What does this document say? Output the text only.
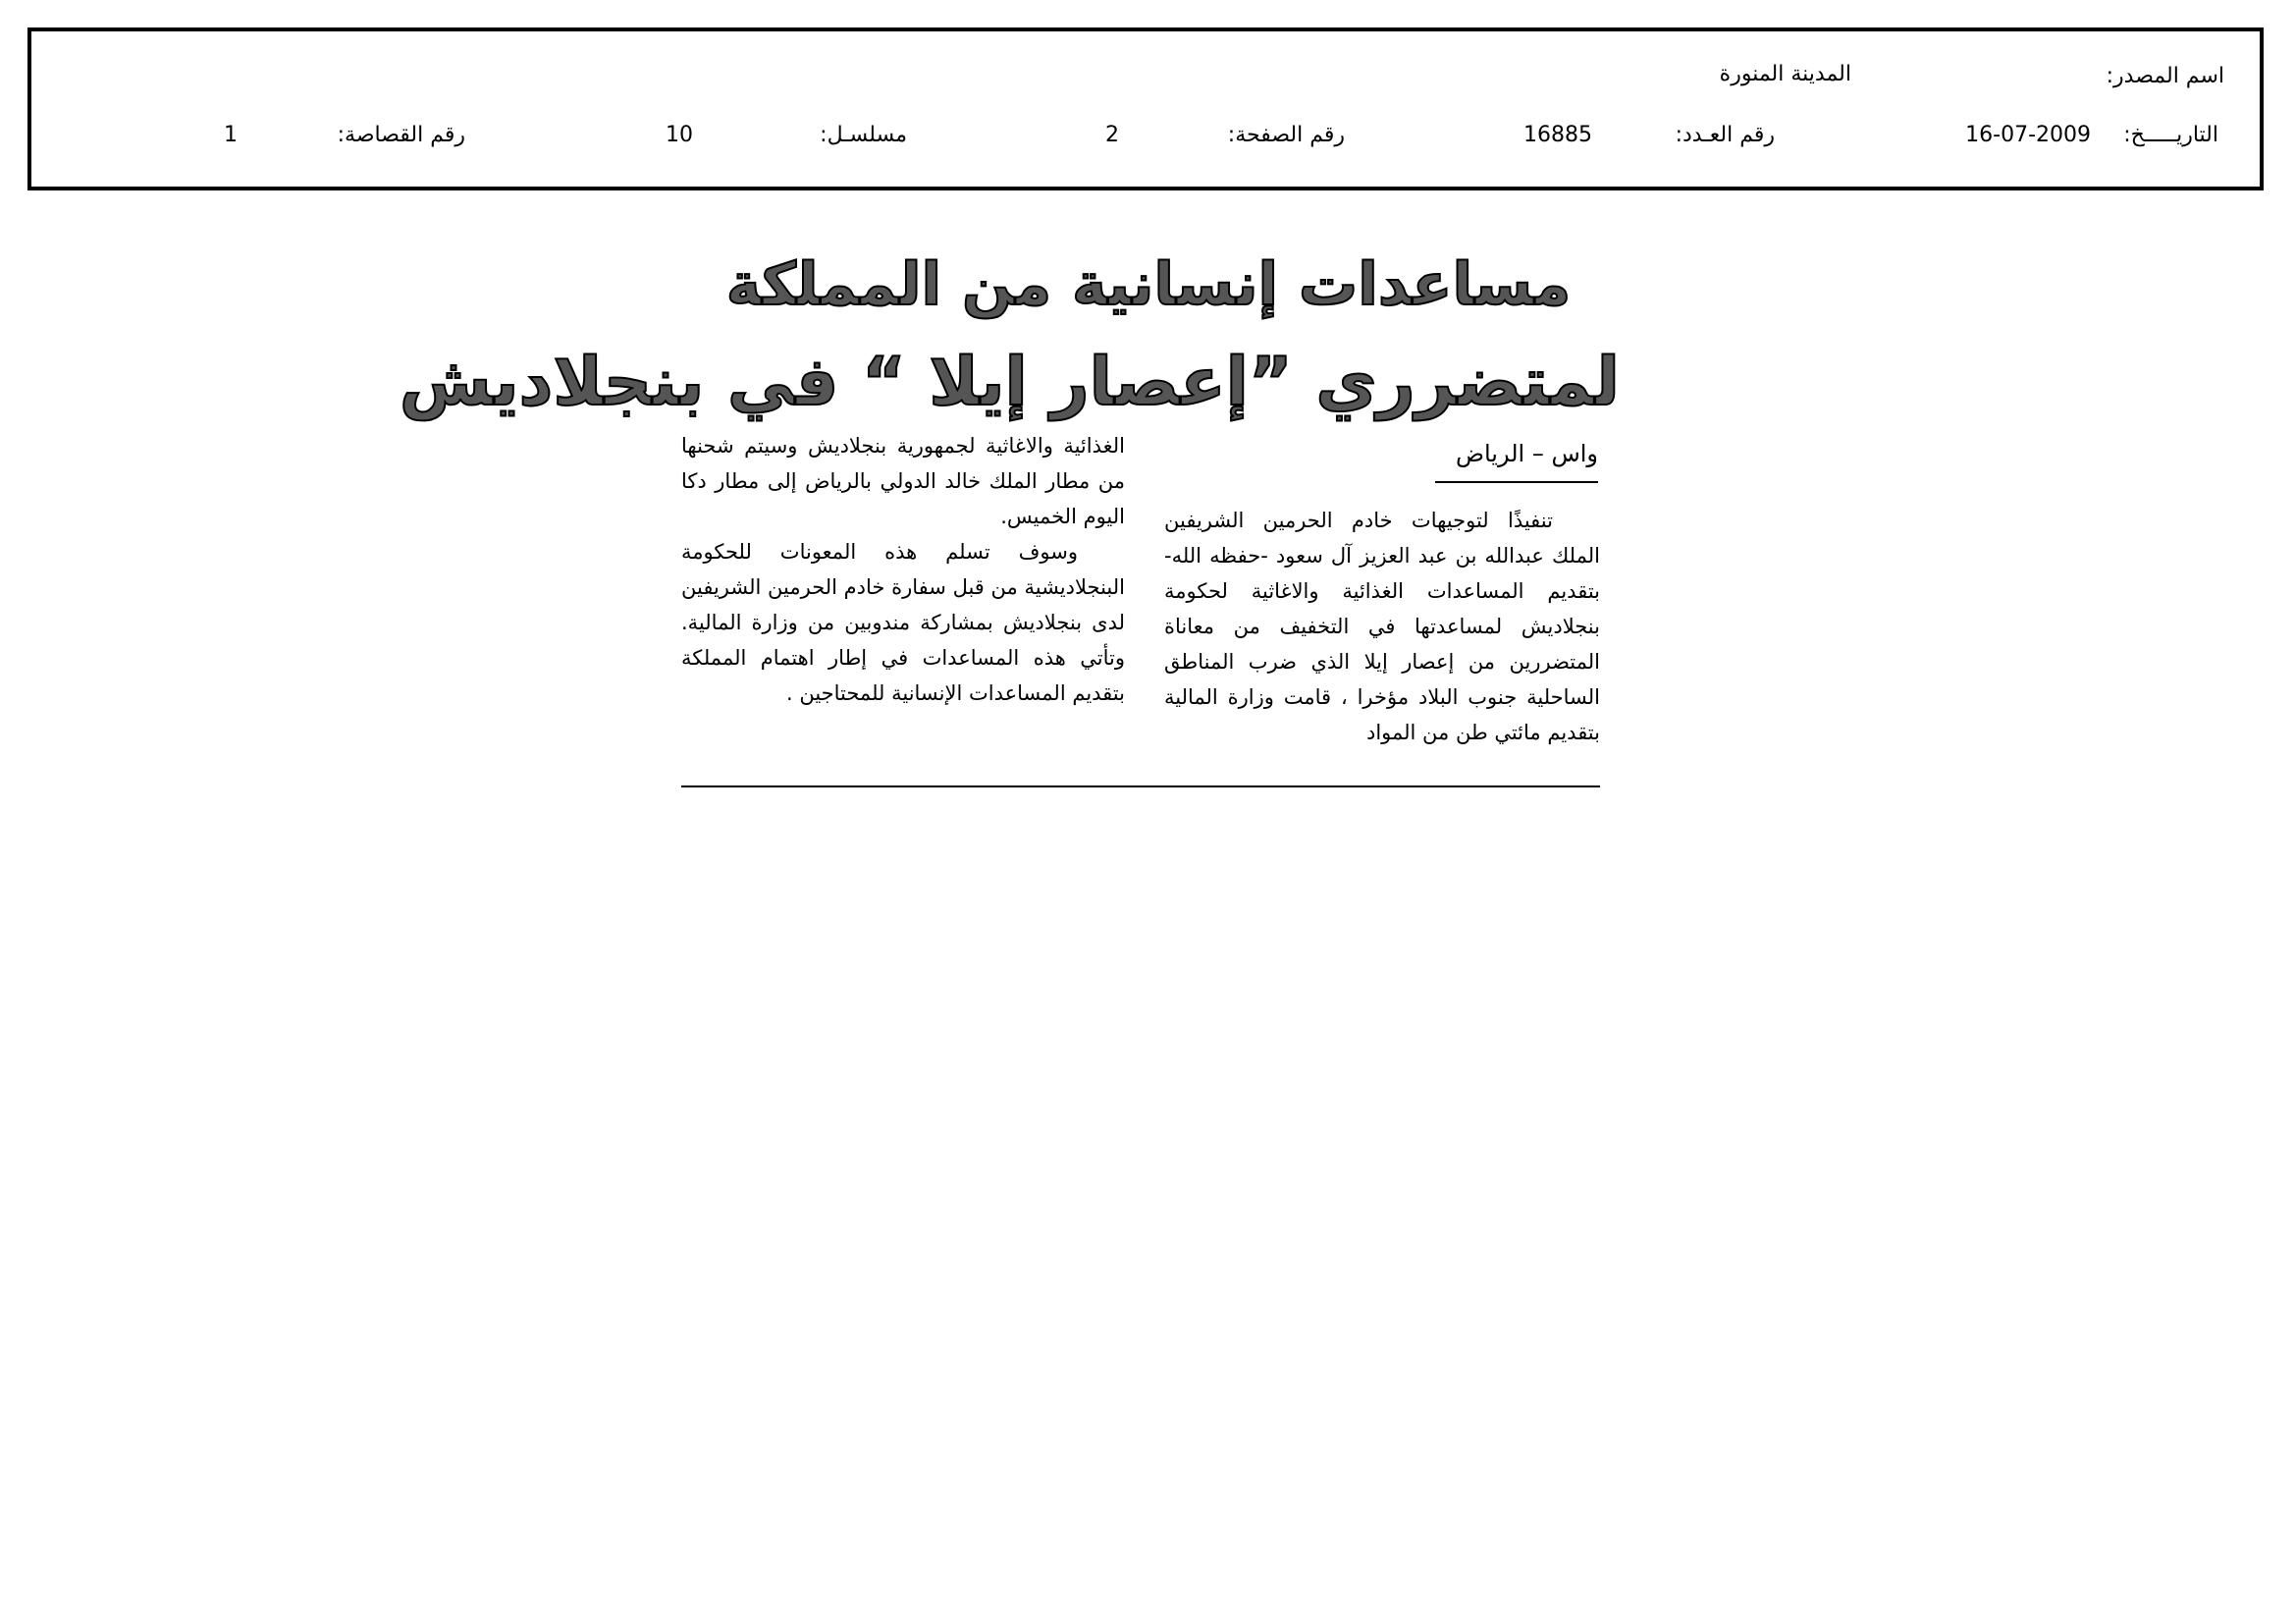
اسم المصدر:
المدينة المنورة
التاريـــــخ:
16-07-2009
رقم العـدد:
16885
رقم الصفحة:
2
مسلسـل:
10
رقم القصاصة:
1
مساعدات إنسانية من المملكة
لمتضرري ”إعصار إيلا “ في بنجلاديش
واس – الرياض

تنفيذًا لتوجيهات خادم الحرمين الشريفين الملك عبدالله بن عبد العزيز آل سعود -حفظه الله- بتقديم المساعدات الغذائية والاغاثية لحكومة بنجلاديش لمساعدتها في التخفيف من معاناة المتضررين من إعصار إيلا الذي ضرب المناطق الساحلية جنوب البلاد مؤخرا ، قامت وزارة المالية بتقديم مائتي طن من المواد

الغذائية والاغاثية لجمهورية بنجلاديش وسيتم شحنها من مطار الملك خالد الدولي بالرياض إلى مطار دكا اليوم الخميس.

وسوف تسلم هذه المعونات للحكومة البنجلاديشية من قبل سفارة خادم الحرمين الشريفين لدى بنجلاديش بمشاركة مندوبين من وزارة المالية. وتأتي هذه المساعدات في إطار اهتمام المملكة بتقديم المساعدات الإنسانية للمحتاجين .
